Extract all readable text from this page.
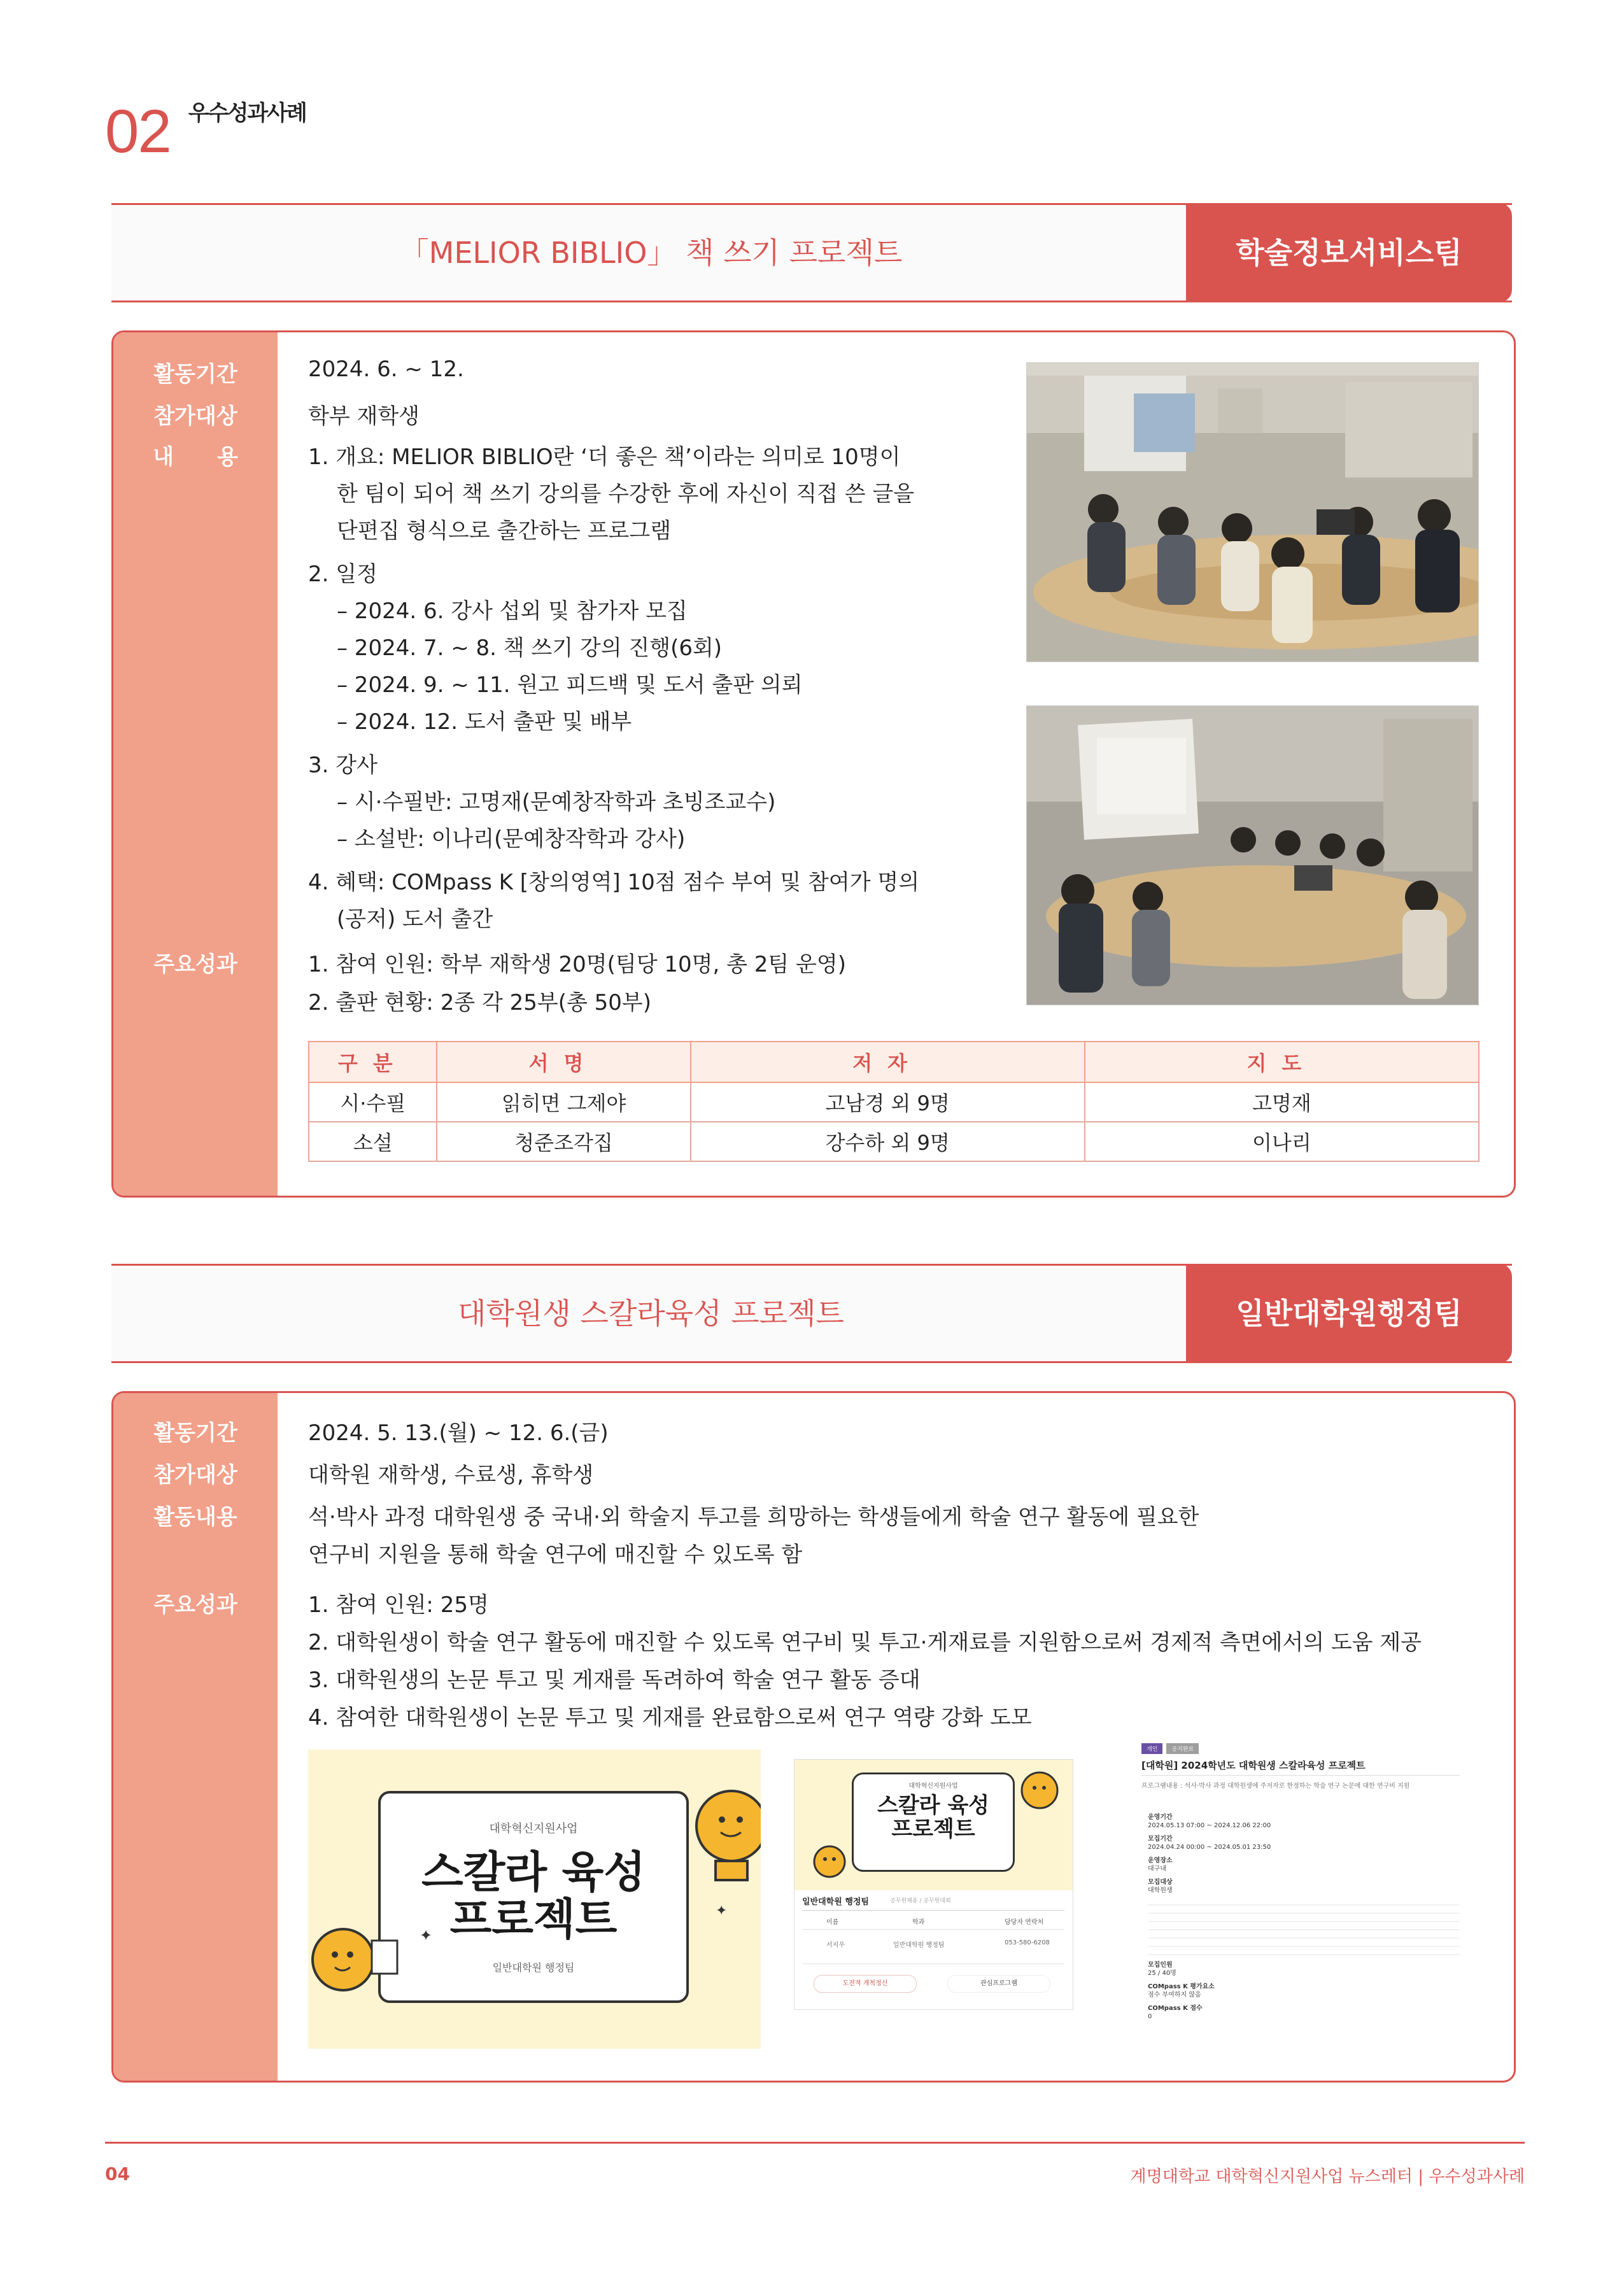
02 우수성과사례
「MELIOR BIBLIO」 책 쓰기 프로젝트	학술정보서비스팀
활동기간
참가대상
내　　용
주요성과
2024. 6. ~ 12.
학부 재학생
1. 개요: MELIOR BIBLIO란 ‘더 좋은 책’이라는 의미로 10명이
한 팀이 되어 책 쓰기 강의를 수강한 후에 자신이 직접 쓴 글을
단편집 형식으로 출간하는 프로그램
2. 일정
– 2024. 6. 강사 섭외 및 참가자 모집
– 2024. 7. ~ 8. 책 쓰기 강의 진행(6회)
– 2024. 9. ~ 11. 원고 피드백 및 도서 출판 의뢰
– 2024. 12. 도서 출판 및 배부
3. 강사
– 시·수필반: 고명재(문예창작학과 초빙조교수)
– 소설반: 이나리(문예창작학과 강사)
4. 혜택: COMpass K [창의영역] 10점 점수 부여 및 참여가 명의
(공저) 도서 출간
1. 참여 인원: 학부 재학생 20명(팀당 10명, 총 2팀 운영)
2. 출판 현황: 2종 각 25부(총 50부)
구분	서명	저자	지도
시·수필	읽히면 그제야	고남경 외 9명	고명재
소설	청준조각집	강수하 외 9명	이나리
대학원생 스칼라육성 프로젝트	일반대학원행정팀
활동기간
참가대상
활동내용
주요성과
2024. 5. 13.(월) ~ 12. 6.(금)
대학원 재학생, 수료생, 휴학생
석·박사 과정 대학원생 중 국내·외 학술지 투고를 희망하는 학생들에게 학술 연구 활동에 필요한
연구비 지원을 통해 학술 연구에 매진할 수 있도록 함
1. 참여 인원: 25명
2. 대학원생이 학술 연구 활동에 매진할 수 있도록 연구비 및 투고·게재료를 지원함으로써 경제적 측면에서의 도움 제공
3. 대학원생의 논문 투고 및 게재를 독려하여 학술 연구 활동 증대
4. 참여한 대학원생이 논문 투고 및 게재를 완료함으로써 연구 역량 강화 도모
대학혁신지원사업
스칼라 육성
프로젝트
일반대학원 행정팀
✦
✦
대학혁신지원사업
스칼라 육성
프로젝트
일반대학원 행정팀	공무원채용 / 공무원대회
이름	학과	담당자 연락처
서지우	일반대학원 행정팀	053-580-6208
도전적 개척정신	관심프로그램
개인	공지완료
[대학원] 2024학년도 대학원생 스칼라육성 프로젝트
프로그램내용 : 석사·박사 과정 대학원생에 주저자로 한정하는 학술 연구 논문에 대한 연구비 지원
운영기간
2024.05.13 07:00 ~ 2024.12.06 22:00
모집기간
2024.04.24 00:00 ~ 2024.05.01 23:50
운영장소
대구내
모집대상
대학원생
모집인원
25 / 40명
COMpass K 평가요소
점수 부여하지 않음
COMpass K 점수
0
04	계명대학교 대학혁신지원사업 뉴스레터 | 우수성과사례
